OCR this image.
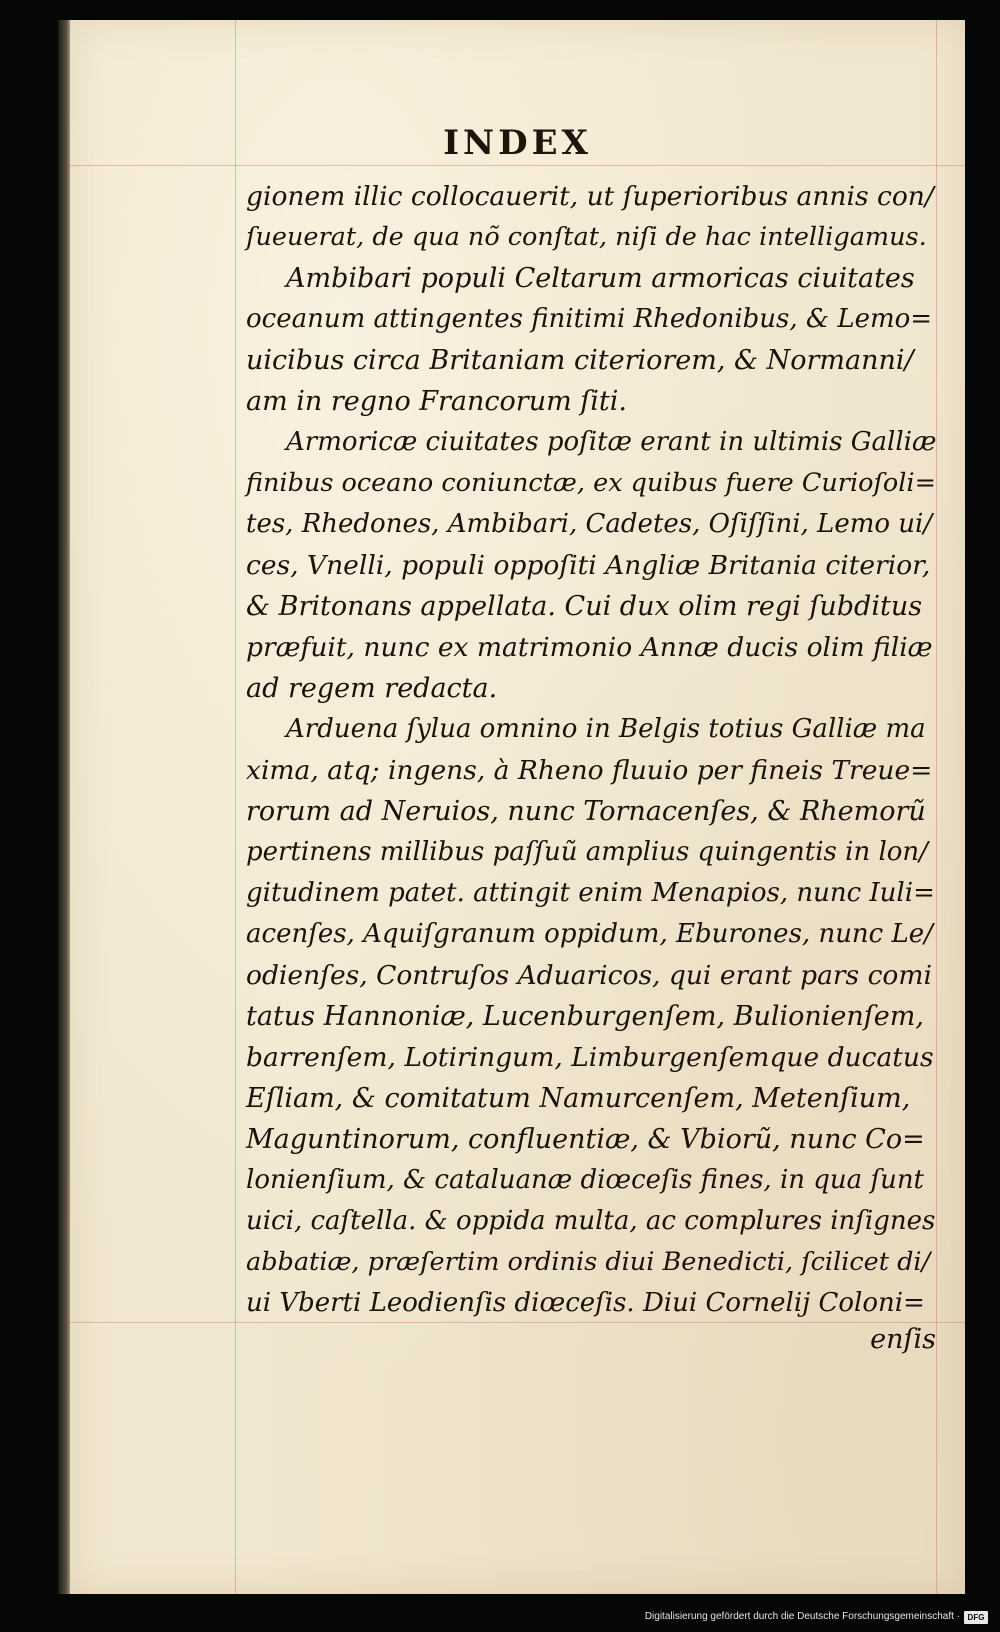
INDEX
gionem illic collocauerit, ut ſuperioribus annis con/
ſueuerat, de qua nõ conſtat, niſi de hac intelligamus.
Ambibari populi Celtarum armoricas ciuitates
oceanum attingentes finitimi Rhedonibus, & Lemo=
uicibus circa Britaniam citeriorem, & Normanni/
am in regno Francorum ſiti.
Armoricæ ciuitates poſitæ erant in ultimis Galliæ
finibus oceano coniunctæ, ex quibus fuere Curioſoli=
tes, Rhedones, Ambibari, Cadetes, Oſiſſini, Lemo ui/
ces, Vnelli, populi oppoſiti Angliæ Britania citerior,
& Britonans appellata. Cui dux olim regi ſubditus
præfuit, nunc ex matrimonio Annæ ducis olim filiæ
ad regem redacta.
Arduena ſylua omnino in Belgis totius Galliæ ma
xima, atq; ingens, à Rheno fluuio per fineis Treue=
rorum ad Neruios, nunc Tornacenſes, & Rhemorũ
pertinens millibus paſſuũ amplius quingentis in lon/
gitudinem patet. attingit enim Menapios, nunc Iuli=
acenſes, Aquiſgranum oppidum, Eburones, nunc Le/
odienſes, Contruſos Aduaricos, qui erant pars comi
tatus Hannoniæ, Lucenburgenſem, Bulionienſem,
barrenſem, Lotiringum, Limburgenſemque ducatus
Eſliam, & comitatum Namurcenſem, Metenſium,
Maguntinorum, confluentiæ, & Vbiorũ, nunc Co=
lonienſium, & cataluanæ diœceſis fines, in qua ſunt
uici, caſtella. & oppida multa, ac complures inſignes
abbatiæ, præſertim ordinis diui Benedicti, ſcilicet di/
ui Vberti Leodienſis diœceſis. Diui Cornelij Coloni=
enſis
Digitalisierung gefördert durch die Deutsche Forschungsgemeinschaft · DFG
